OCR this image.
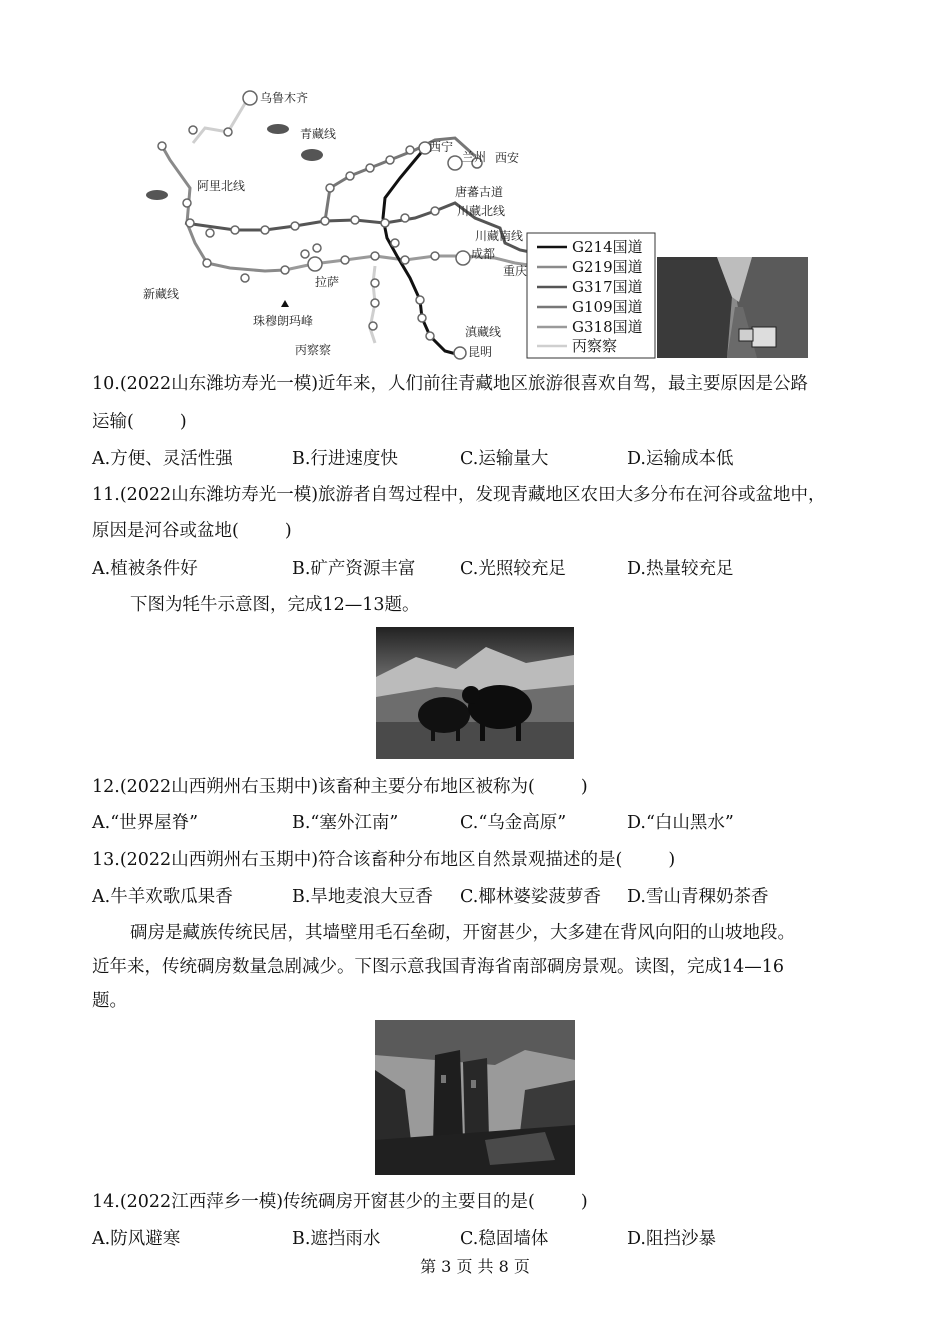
乌鲁木齐
青藏线
西宁
兰州 西安
阿里北线	唐蕃古道
川藏北线
川藏南线
成都
重庆
新藏线
拉萨
珠穆朗玛峰
滇藏线
丙察察	昆明
G214国道
G219国道
G317国道
G109国道
G318国道
丙察察
10.(2022山东潍坊寿光一模)近年来，人们前往青藏地区旅游很喜欢自驾，最主要原因是公路
运输(	)
A.方便、灵活性强	B.行进速度快	C.运输量大	D.运输成本低
11.(2022山东潍坊寿光一模)旅游者自驾过程中，发现青藏地区农田大多分布在河谷或盆地中，
原因是河谷或盆地(	)
A.植被条件好	B.矿产资源丰富	C.光照较充足	D.热量较充足
下图为牦牛示意图，完成12—13题。
12.(2022山西朔州右玉期中)该畜种主要分布地区被称为(	)
A.“世界屋脊”	B.“塞外江南”	C.“乌金高原”	D.“白山黑水”
13.(2022山西朔州右玉期中)符合该畜种分布地区自然景观描述的是(	)
A.牛羊欢歌瓜果香	B.旱地麦浪大豆香 C.椰林婆娑菠萝香 D.雪山青稞奶茶香
碉房是藏族传统民居，其墙壁用毛石垒砌，开窗甚少，大多建在背风向阳的山坡地段。
近年来，传统碉房数量急剧减少。下图示意我国青海省南部碉房景观。读图，完成14—16
题。
14.(2022江西萍乡一模)传统碉房开窗甚少的主要目的是(	)
A.防风避寒	B.遮挡雨水	C.稳固墙体	D.阻挡沙暴
第 3 页 共 8 页
